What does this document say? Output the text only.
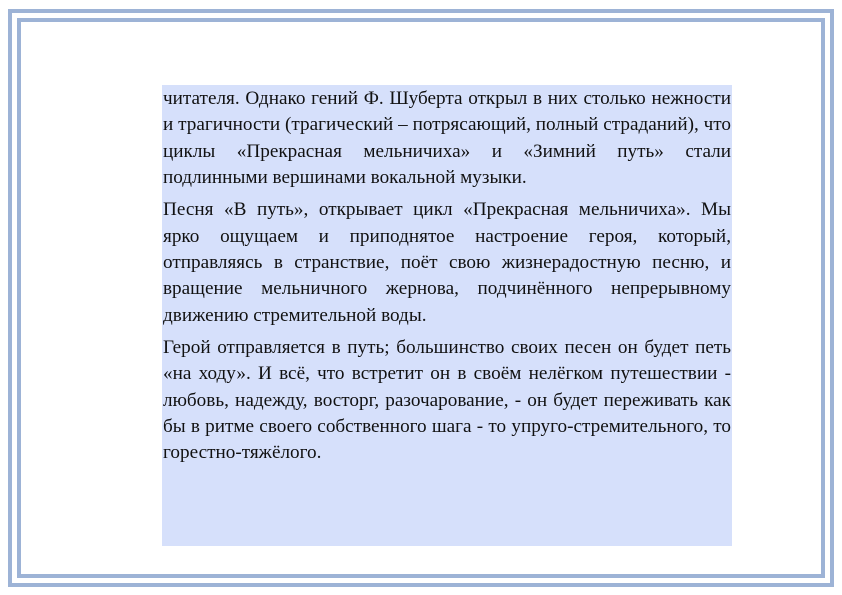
читателя. Однако гений Ф. Шуберта открыл в них столько нежности и трагичности (трагический – потрясающий, полный страданий), что циклы «Прекрасная мельничиха» и «Зимний путь» стали подлинными вершинами вокальной музыки.

Песня «В путь», открывает цикл «Прекрасная мельничиха». Мы ярко ощущаем и приподнятое настроение героя, который, отправляясь в странствие, поёт свою жизнерадостную песню, и вращение мельничного жернова, подчинённого непрерывному движению стремительной воды.

Герой отправляется в путь; большинство своих песен он будет петь «на ходу». И всё, что встретит он в своём нелёгком путешествии - любовь, надежду, восторг, разочарование, - он будет переживать как бы в ритме своего собственного шага - то упруго-стремительного, то горестно-тяжёлого.
